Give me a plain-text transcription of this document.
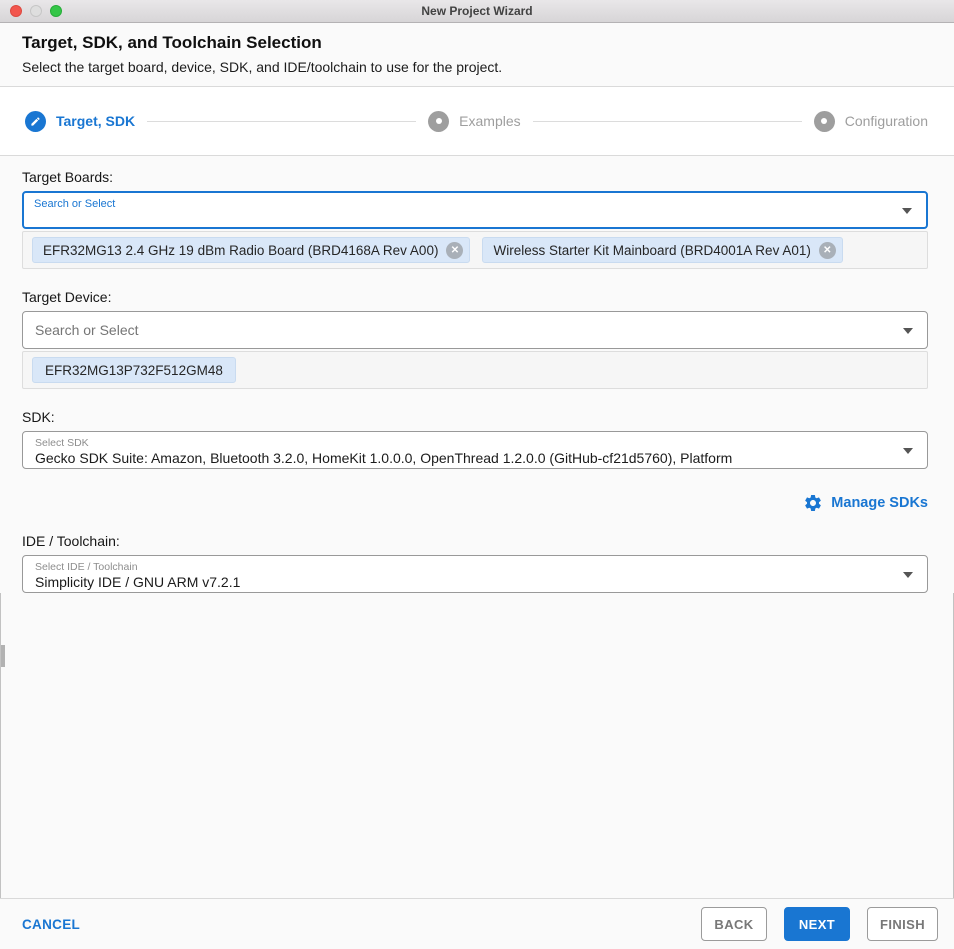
New Project Wizard
Target, SDK, and Toolchain Selection

Select the target board, device, SDK, and IDE/toolchain to use for the project.

Target, SDK	Examples	Configuration
Target Boards:
Search or Select
EFR32MG13 2.4 GHz 19 dBm Radio Board (BRD4168A Rev A00)	✕	Wireless Starter Kit Mainboard (BRD4001A Rev A01)	✕
Target Device:
Search or Select
EFR32MG13P732F512GM48
SDK:
Select SDK
Gecko SDK Suite: Amazon, Bluetooth 3.2.0, HomeKit 1.0.0.0, OpenThread 1.2.0.0 (GitHub-cf21d5760), Platform
Manage SDKs
IDE / Toolchain:
Select IDE / Toolchain
Simplicity IDE / GNU ARM v7.2.1
CANCEL	BACK	NEXT	FINISH
